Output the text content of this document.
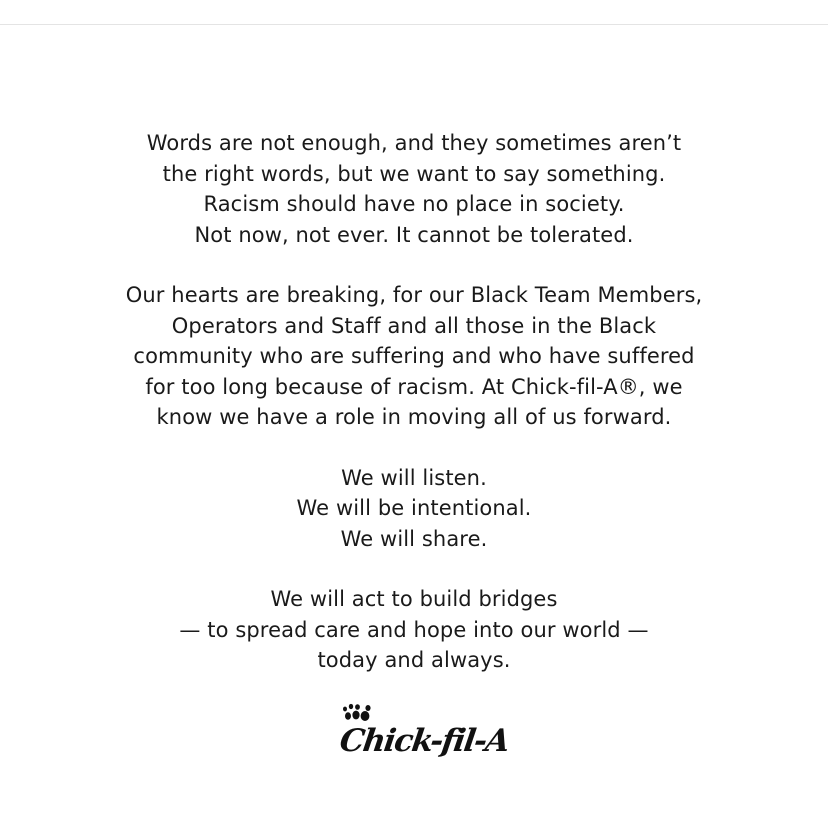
Words are not enough, and they sometimes aren’t
the right words, but we want to say something.
Racism should have no place in society.
Not now, not ever. It cannot be tolerated.
Our hearts are breaking, for our Black Team Members,
Operators and Staff and all those in the Black
community who are suffering and who have suffered
for too long because of racism. At Chick-fil-A®, we
know we have a role in moving all of us forward.
We will listen.
We will be intentional.
We will share.
We will act to build bridges
— to spread care and hope into our world —
today and always.
Chick-fil-A
